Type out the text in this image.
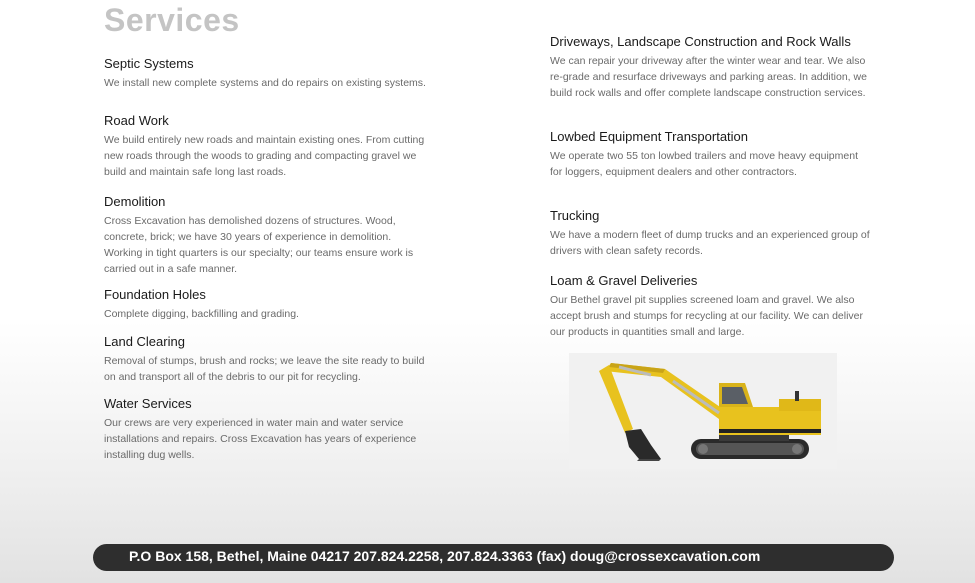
Services
Septic Systems

We install new complete systems and do repairs on existing systems.

Road Work

We build entirely new roads and maintain existing ones. From cutting new roads through the woods to grading and compacting gravel we build and maintain safe long last roads.

Demolition

Cross Excavation has demolished dozens of structures. Wood, concrete, brick; we have 30 years of experience in demolition. Working in tight quarters is our specialty; our teams ensure work is carried out in a safe manner.

Foundation Holes

Complete digging, backfilling and grading.

Land Clearing

Removal of stumps, brush and rocks; we leave the site ready to build on and transport all of the debris to our pit for recycling.

Water Services

Our crews are very experienced in water main and water service installations and repairs. Cross Excavation has years of experience installing dug wells.

Driveways, Landscape Construction and Rock Walls

We can repair your driveway after the winter wear and tear. We also re-grade and resurface driveways and parking areas. In addition, we build rock walls and offer complete landscape construction services.

Lowbed Equipment Transportation

We operate two 55 ton lowbed trailers and move heavy equipment for loggers, equipment dealers and other contractors.

Trucking

We have a modern fleet of dump trucks and an experienced group of drivers with clean safety records.

Loam & Gravel Deliveries

Our Bethel gravel pit supplies screened loam and gravel. We also accept brush and stumps for recycling at our facility. We can deliver our products in quantities small and large.

P.O Box 158, Bethel, Maine 04217 207.824.2258, 207.824.3363 (fax) doug@crossexcavation.com
